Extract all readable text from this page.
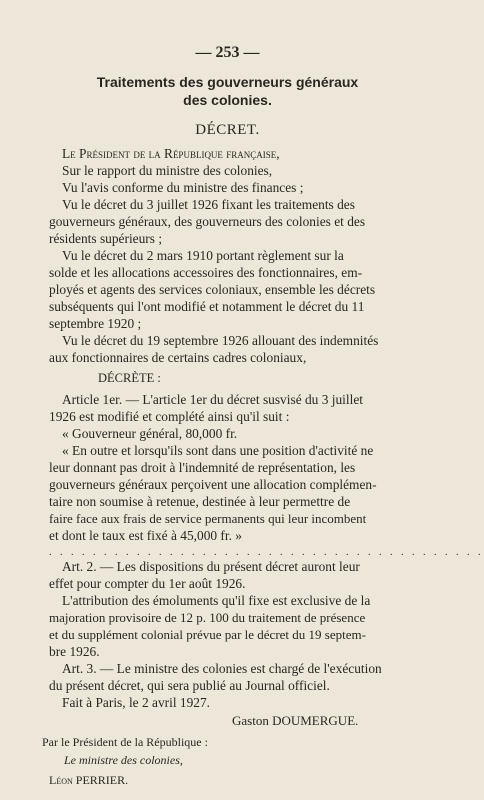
— 253 —
Traitements des gouverneurs généraux
des colonies.
DÉCRET.
Le Président de la République française,
Sur le rapport du ministre des colonies,
Vu l'avis conforme du ministre des finances ;
Vu le décret du 3 juillet 1926 fixant les traitements des
gouverneurs généraux, des gouverneurs des colonies et des
résidents supérieurs ;
Vu le décret du 2 mars 1910 portant règlement sur la
solde et les allocations accessoires des fonctionnaires, em-
ployés et agents des services coloniaux, ensemble les décrets
subséquents qui l'ont modifié et notamment le décret du 11
septembre 1920 ;
Vu le décret du 19 septembre 1926 allouant des indemnités
aux fonctionnaires de certains cadres coloniaux,
DÉCRÈTE :
Article 1er. — L'article 1er du décret susvisé du 3 juillet
1926 est modifié et complété ainsi qu'il suit :
« Gouverneur général, 80,000 fr.
« En outre et lorsqu'ils sont dans une position d'activité ne
leur donnant pas droit à l'indemnité de représentation, les
gouverneurs généraux perçoivent une allocation complémen-
taire non soumise à retenue, destinée à leur permettre de
faire face aux frais de service permanents qui leur incombent
et dont le taux est fixé à 45,000 fr. »
. . . . . . . . . . . . . . . . . . . . . . . . . . . . . . . . . . . . . . . .
Art. 2. — Les dispositions du présent décret auront leur
effet pour compter du 1er août 1926.
L'attribution des émoluments qu'il fixe est exclusive de la
majoration provisoire de 12 p. 100 du traitement de présence
et du supplément colonial prévue par le décret du 19 septem-
bre 1926.
Art. 3. — Le ministre des colonies est chargé de l'exécution
du présent décret, qui sera publié au Journal officiel.
Fait à Paris, le 2 avril 1927.
Gaston DOUMERGUE.
Par le Président de la République :
Le ministre des colonies,
Léon PERRIER.
